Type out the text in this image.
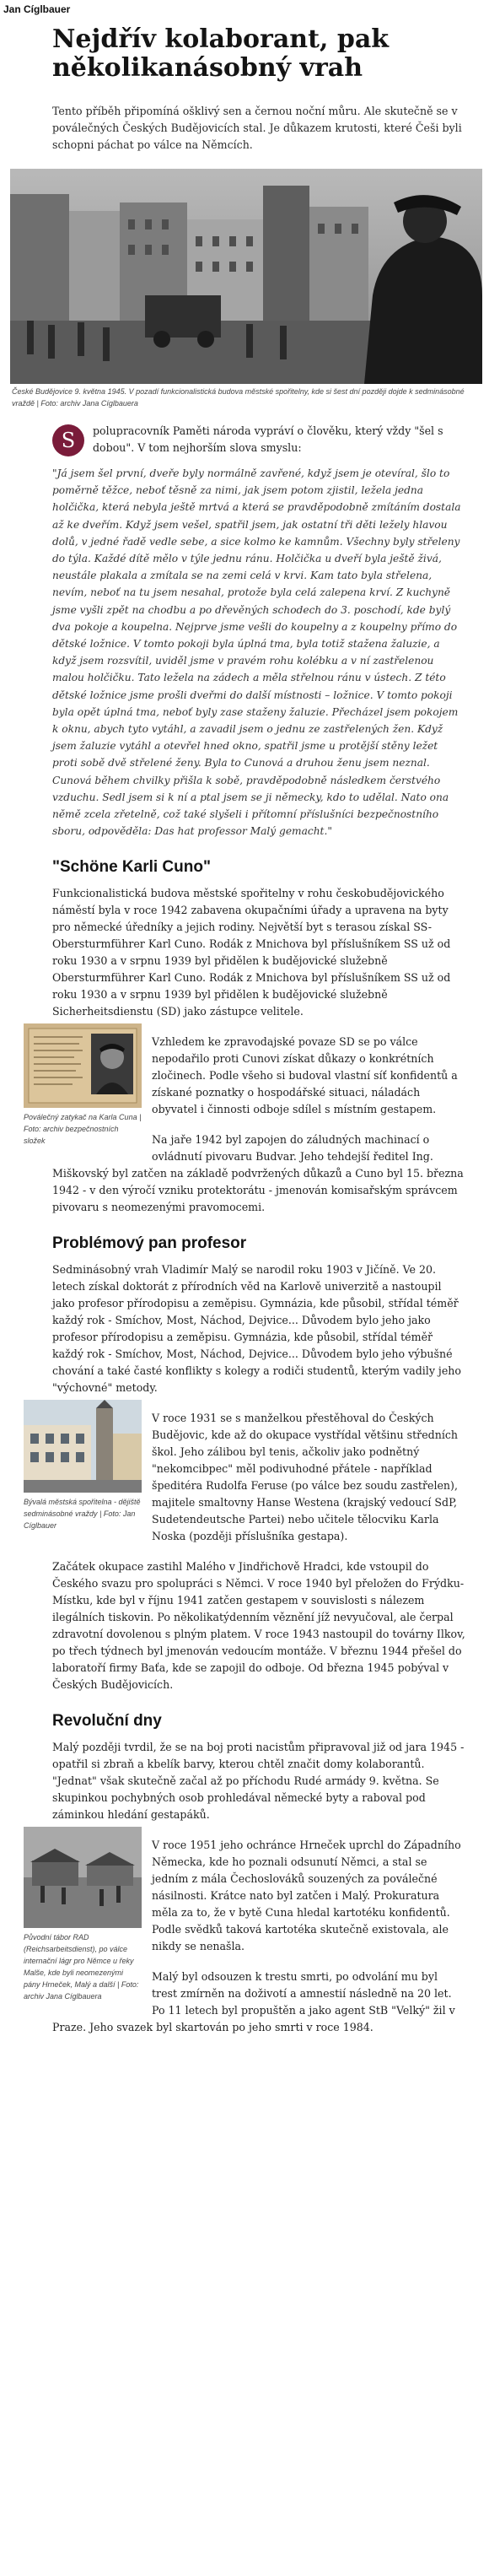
Jan Cíglbauer
Nejdřív kolaborant, pak několikanásobný vrah
Tento příběh připomíná ošklivý sen a černou noční můru. Ale skutečně se v poválečných Českých Budějovicích stal. Je důkazem krutosti, které Češi byli schopni páchat po válce na Němcích.
České Budějovice 9. května 1945. V pozadí funkcionalistická budova městské spořitelny, kde si šest dní později dojde k sedminásobné vraždě | Foto: archiv Jana Cíglbauera

S	polupracovník Paměti národa vypráví o člověku, který vždy "šel s dobou". V tom nejhorším slova smyslu:

"Já jsem šel první, dveře byly normálně zavřené, když jsem je otevíral, šlo to poměrně těžce, neboť těsně za nimi, jak jsem potom zjistil, ležela jedna holčička, která nebyla ještě mrtvá a která se pravděpodobně zmítáním dostala až ke dveřím. Když jsem vešel, spatřil jsem, jak ostatní tři děti ležely hlavou dolů, v jedné řadě vedle sebe, a sice kolmo ke kamnům. Všechny byly střeleny do týla. Každé dítě mělo v týle jednu ránu. Holčička u dveří byla ještě živá, neustále plakala a zmítala se na zemi celá v krvi. Kam tato byla střelena, nevím, neboť na tu jsem nesahal, protože byla celá zalepena krví. Z kuchyně jsme vyšli zpět na chodbu a po dřevěných schodech do 3. poschodí, kde bylý dva pokoje a koupelna. Nejprve jsme vešli do koupelny a z koupelny přímo do dětské ložnice. V tomto pokoji byla úplná tma, byla totiž stažena žaluzie, a když jsem rozsvítil, uviděl jsme v pravém rohu kolébku a v ní zastřelenou malou holčičku. Tato ležela na zádech a měla střelnou ránu v ústech. Z této dětské ložnice jsme prošli dveřmi do další místnosti – ložnice. V tomto pokoji byla opět úplná tma, neboť byly zase staženy žaluzie. Přecházel jsem pokojem k oknu, abych tyto vytáhl, a zavadil jsem o jednu ze zastřelených žen. Když jsem žaluzie vytáhl a otevřel hned okno, spatřil jsme u protější stěny ležet proti sobě dvě střelené ženy. Byla to Cunová a druhou ženu jsem neznal. Cunová během chvilky přišla k sobě, pravděpodobně následkem čerstvého vzduchu. Sedl jsem si k ní a ptal jsem se ji německy, kdo to udělal. Nato ona němě zcela zřetelně, což také slyšeli i přítomní příslušníci bezpečnostního sboru, odpověděla: Das hat professor Malý gemacht."

"Schöne Karli Cuno"

Funkcionalistická budova městské spořitelny v rohu českobudějovického náměstí byla v roce 1942 zabavena okupačními úřady a upravena na byty pro německé úředníky a jejich rodiny. Největší byt s terasou získal SS-Obersturmführer Karl Cuno. Rodák z Mnichova byl příslušníkem SS už od roku 1930 a v srpnu 1939 byl přidělen k budějovické služebně Obersturmführer Karl Cuno. Rodák z Mnichova byl příslušníkem SS už od roku 1930 a v srpnu 1939 byl přidělen k budějovické služebně Sicherheitsdienstu (SD) jako zástupce velitele.

Poválečný zatykač na Karla Cuna | Foto: archiv bezpečnostních složek

Vzhledem ke zpravodajské povaze SD se po válce nepodařilo proti Cunovi získat důkazy o konkrétních zločinech. Podle všeho si budoval vlastní síť konfidentů a získané poznatky o hospodářské situaci, náladách obyvatel i činnosti odboje sdílel s místním gestapem.

Na jaře 1942 byl zapojen do záludných machinací o ovládnutí pivovaru Budvar. Jeho tehdejší ředitel Ing. Miškovský byl zatčen na základě podvržených důkazů a Cuno byl 15. března 1942 - v den výročí vzniku protektorátu - jmenován komisařským správcem pivovaru s neomezenými pravomocemi.

Problémový pan profesor

Sedminásobný vrah Vladimír Malý se narodil roku 1903 v Jičíně. Ve 20. letech získal doktorát z přírodních věd na Karlově univerzitě a nastoupil jako profesor přírodopisu a zeměpisu. Gymnázia, kde působil, střídal téměř každý rok - Smíchov, Most, Náchod, Dejvice... Důvodem bylo jeho jako profesor přírodopisu a zeměpisu. Gymnázia, kde působil, střídal téměř každý rok - Smíchov, Most, Náchod, Dejvice... Důvodem bylo jeho výbušné chování a také časté konflikty s kolegy a rodiči studentů, kterým vadily jeho "výchovné" metody.

Bývalá městská spořitelna - dějiště sedminásobné vraždy | Foto: Jan Cíglbauer

V roce 1931 se s manželkou přestěhoval do Českých Budějovic, kde až do okupace vystřídal většinu středních škol. Jeho zálibou byl tenis, ačkoliv jako podnětný "nekomcibpec" měl podivuhodné přátele - například špeditéra Rudolfa Feruse (po válce bez soudu zastřelen), majitele smaltovny Hanse Westena (krajský vedoucí SdP, Sudetendeutsche Partei) nebo učitele tělocviku Karla Noska (později příslušníka gestapa).

Začátek okupace zastihl Malého v Jindřichově Hradci, kde vstoupil do Českého svazu pro spolupráci s Němci. V roce 1940 byl přeložen do Frýdku-Místku, kde byl v říjnu 1941 zatčen gestapem v souvislosti s nálezem ilegálních tiskovin. Po několikatýdenním věznění jíž nevyučoval, ale čerpal zdravotní dovolenou s plným platem. V roce 1943 nastoupil do továrny Ilkov, po třech týdnech byl jmenován vedoucím montáže. V březnu 1944 přešel do laboratoří firmy Baťa, kde se zapojil do odboje. Od března 1945 pobýval v Českých Budějovicích.

Revoluční dny

Malý později tvrdil, že se na boj proti nacistům připravoval již od jara 1945 - opatřil si zbraň a kbelík barvy, kterou chtěl značit domy kolaborantů. "Jednat" však skutečně začal až po příchodu Rudé armády 9. května. Se skupinkou pochybných osob prohledával německé byty a raboval pod záminkou hledání gestapáků.

Původní tábor RAD (Reichsarbeitsdienst), po válce internační lágr pro Němce u řeky Malše, kde byli neomezenými pány Hrneček, Malý a další | Foto: archiv Jana Cíglbauera

V roce 1951 jeho ochránce Hrneček uprchl do Západního Německa, kde ho poznali odsunutí Němci, a stal se jedním z mála Čechoslováků souzených za poválečné násilnosti. Krátce nato byl zatčen i Malý. Prokuratura měla za to, že v bytě Cuna hledal kartotéku konfidentů. Podle svědků taková kartotéka skutečně existovala, ale nikdy se nenašla.

Malý byl odsouzen k trestu smrti, po odvolání mu byl trest zmírněn na doživotí a amnestií následně na 20 let. Po 11 letech byl propuštěn a jako agent StB "Velký" žil v Praze. Jeho svazek byl skartován po jeho smrti v roce 1984.
